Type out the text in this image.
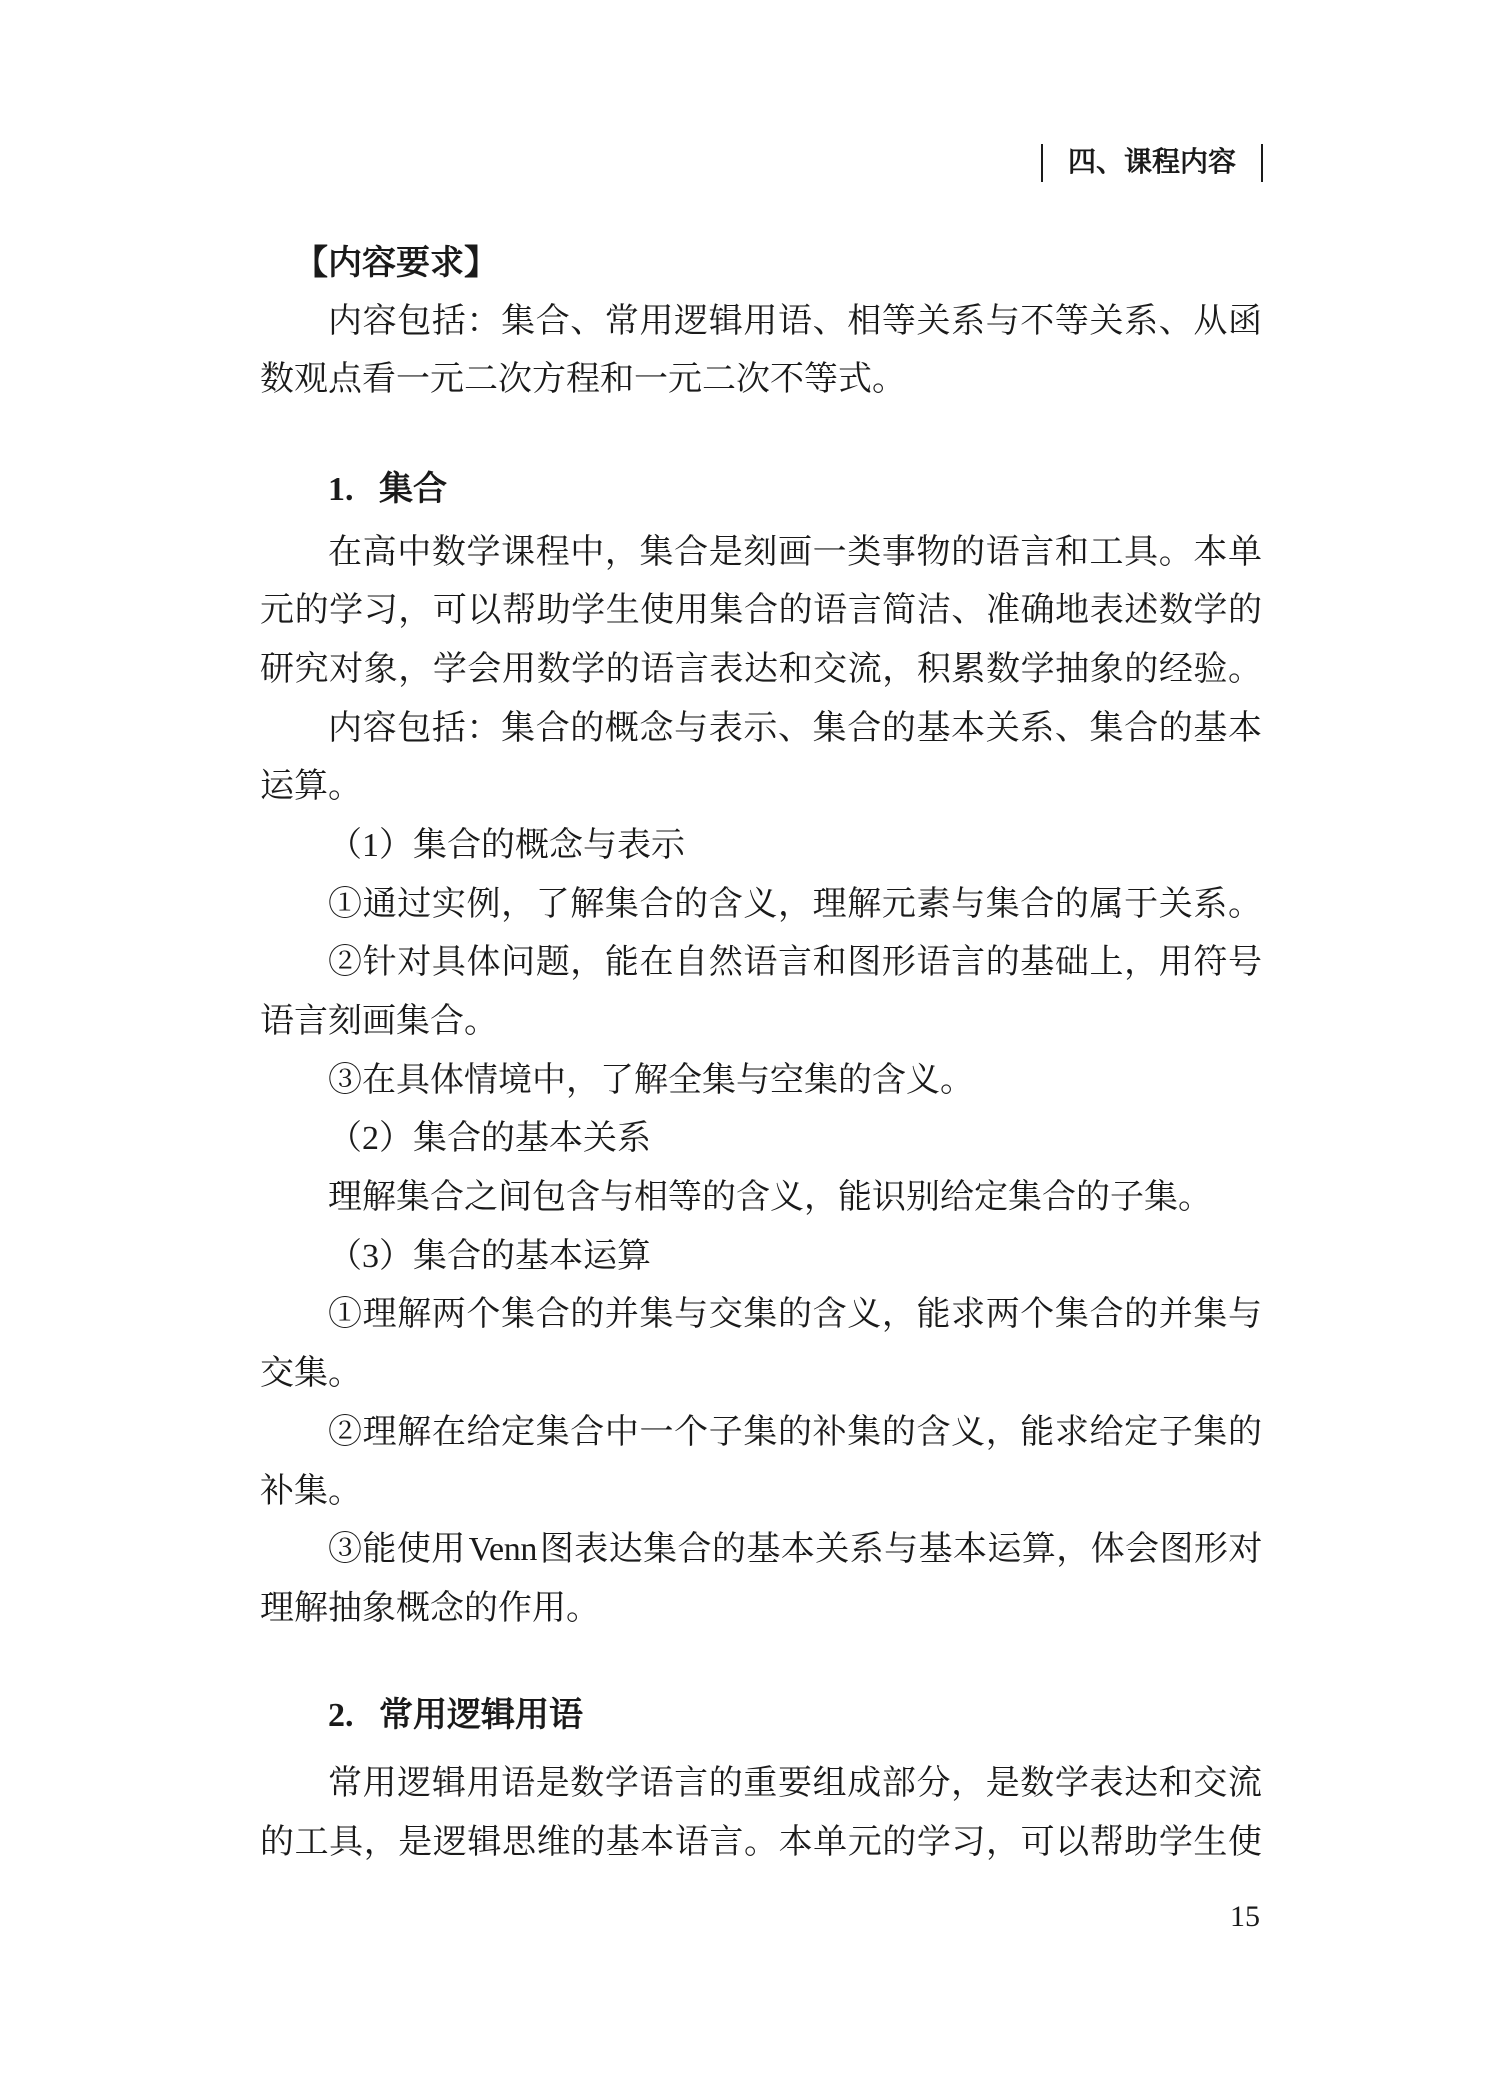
四、课程内容
【内容要求】
内容包括：集合、常用逻辑用语、相等关系与不等关系、从函
数观点看一元二次方程和一元二次不等式。
1. 集合
在高中数学课程中，集合是刻画一类事物的语言和工具。本单
元的学习，可以帮助学生使用集合的语言简洁、准确地表述数学的
研究对象，学会用数学的语言表达和交流，积累数学抽象的经验。
内容包括：集合的概念与表示、集合的基本关系、集合的基本
运算。
（1）集合的概念与表示
①通过实例，了解集合的含义，理解元素与集合的属于关系。
②针对具体问题，能在自然语言和图形语言的基础上，用符号
语言刻画集合。
③在具体情境中，了解全集与空集的含义。
（2）集合的基本关系
理解集合之间包含与相等的含义，能识别给定集合的子集。
（3）集合的基本运算
①理解两个集合的并集与交集的含义，能求两个集合的并集与
交集。
②理解在给定集合中一个子集的补集的含义，能求给定子集的
补集。
③能使用 Venn 图表达集合的基本关系与基本运算，体会图形对
理解抽象概念的作用。
2. 常用逻辑用语
常用逻辑用语是数学语言的重要组成部分，是数学表达和交流
的工具，是逻辑思维的基本语言。本单元的学习，可以帮助学生使
15
